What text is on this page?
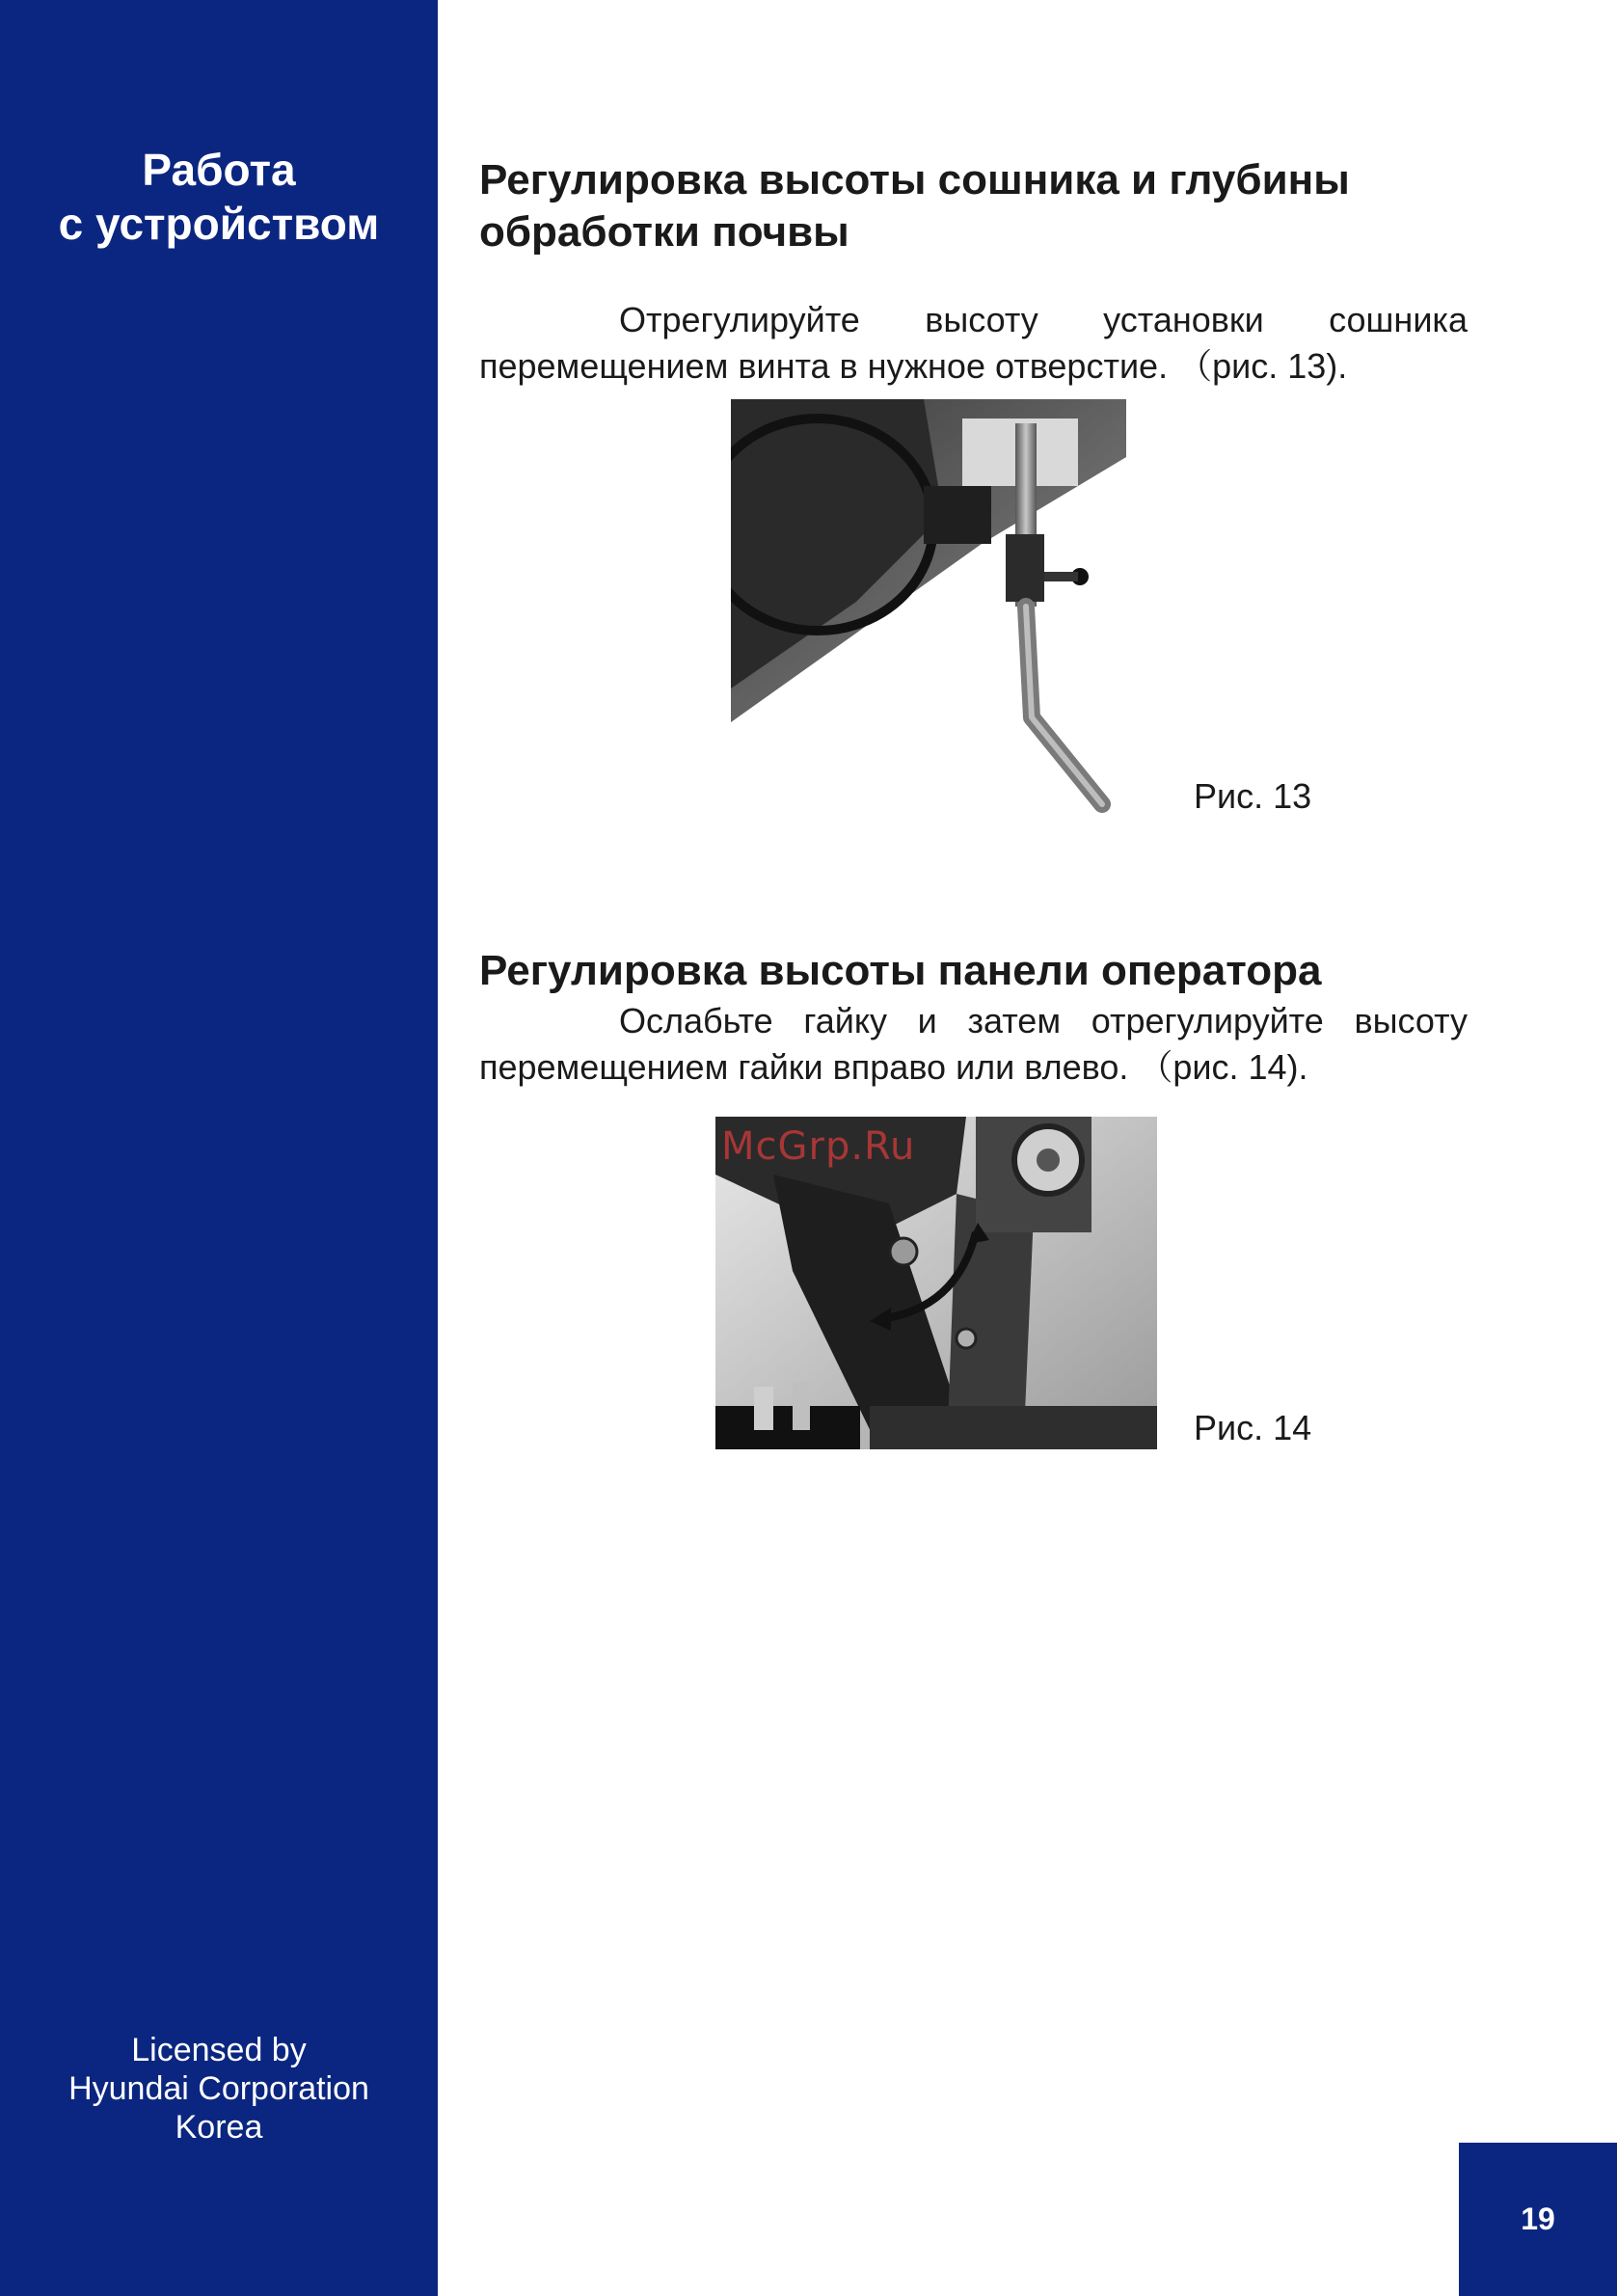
Работа
с устройством
Licensed by
Hyundai Corporation
Korea
19
Регулировка высоты сошника и глубины
обработки почвы
Отрегулируйте высоту установки сошника
перемещением винта в нужное отверстие. （рис. 13).
Рис. 13
Регулировка высоты панели оператора
Ослабьте гайку и затем отрегулируйте высоту
перемещением гайки вправо или влево. （рис. 14).
Рис. 14
McGrp.Ru
